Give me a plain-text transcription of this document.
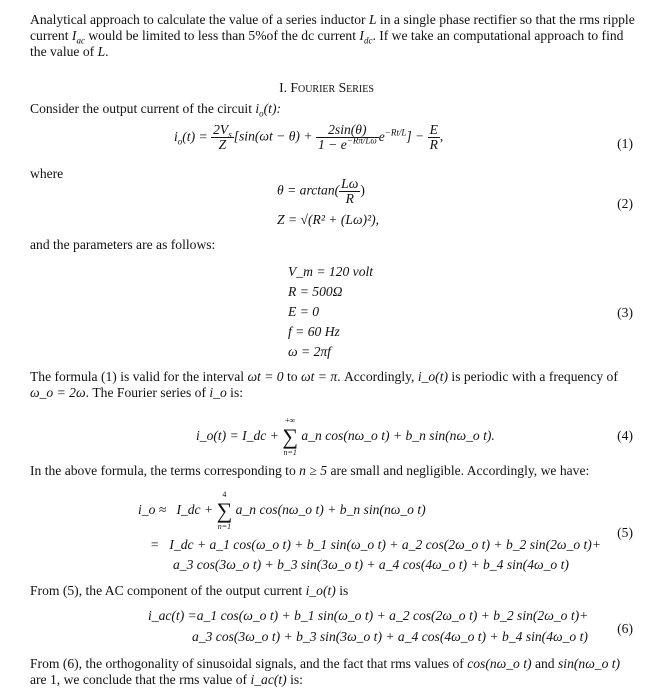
Analytical approach to calculate the value of a series inductor L in a single phase rectifier so that the rms ripple current $I_{ac}$ would be limited to less than 5%of the dc current $I_{dc}$. If we take an computational approach to find the value of L.

I. Fourier Series
Consider the output current of the circuit $i_o(t)$:
$i_o(t) = \frac{2V_s}{Z} [\sin(\omega t - \theta) + \frac{2\sin(\theta)}{1 - e^{-R\pi/L\omega}} e^{-Rt/L}] - \frac{E}{R}$ ,	(1)
where
$\theta = \arctan( \frac{L\omega}{R}$ )
Z = √(R² + (Lω)²),
(2)
and the parameters are as follows:
V_m = 120 volt
R = 500Ω
E = 0
f = 60 Hz
ω = 2πf
(3)

The formula (1) is valid for the interval ωt = 0 to ωt = π. Accordingly, i_o(t) is periodic with a frequency of ω_o = 2ω. The Fourier series of i_o is:

i_o(t) = I_dc +
+∞
∑
n=1
a_n cos(nω_o t) + b_n sin(nω_o t).	(4)
In the above formula, the terms corresponding to n ≥ 5 are small and negligible. Accordingly, we have:
i_o ≈ I_dc +
4
∑
n=1
a_n cos(nω_o t) + b_n sin(nω_o t)
= I_dc + a_1 cos(ω_o t) + b_1 sin(ω_o t) + a_2 cos(2ω_o t) + b_2 sin(2ω_o t)+
a_3 cos(3ω_o t) + b_3 sin(3ω_o t) + a_4 cos(4ω_o t) + b_4 sin(4ω_o t)
(5)
From (5), the AC component of the output current i_o(t) is
i_ac(t) =a_1 cos(ω_o t) + b_1 sin(ω_o t) + a_2 cos(2ω_o t) + b_2 sin(2ω_o t)+
a_3 cos(3ω_o t) + b_3 sin(3ω_o t) + a_4 cos(4ω_o t) + b_4 sin(4ω_o t)
(6)

From (6), the orthogonality of sinusoidal signals, and the fact that rms values of cos(nω_o t) and sin(nω_o t) are 1, we conclude that the rms value of i_ac(t) is:
